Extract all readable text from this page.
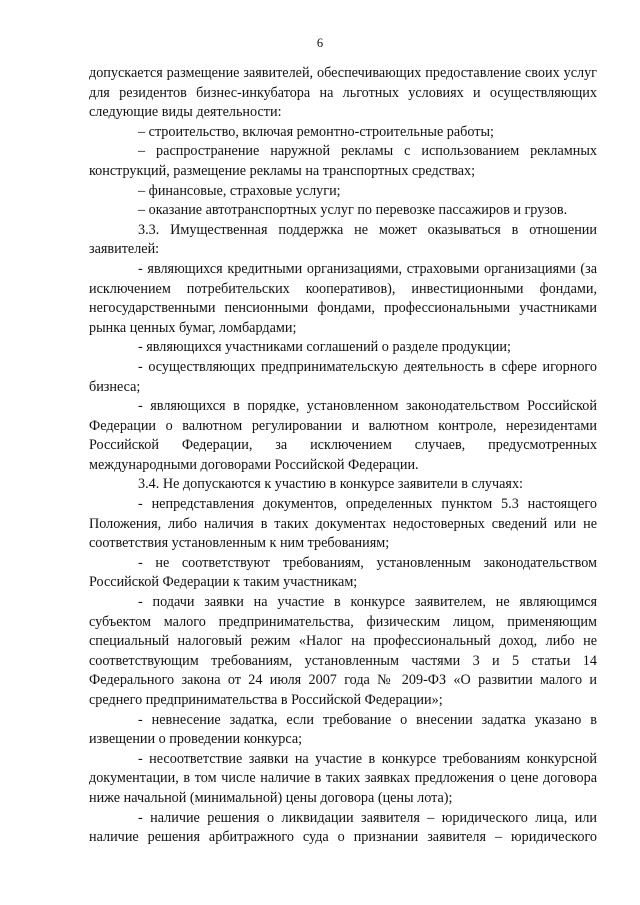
6

допускается размещение заявителей, обеспечивающих предоставление своих услуг для резидентов бизнес-инкубатора на льготных условиях и осуществляющих следующие виды деятельности:

– строительство, включая ремонтно-строительные работы;

– распространение наружной рекламы с использованием рекламных конструкций, размещение рекламы на транспортных средствах;

– финансовые, страховые услуги;

– оказание автотранспортных услуг по перевозке пассажиров и грузов.

3.3. Имущественная поддержка не может оказываться в отношении заявителей:

- являющихся кредитными организациями, страховыми организациями (за исключением потребительских кооперативов), инвестиционными фондами, негосударственными пенсионными фондами, профессиональными участниками рынка ценных бумаг, ломбардами;

- являющихся участниками соглашений о разделе продукции;

- осуществляющих предпринимательскую деятельность в сфере игорного бизнеса;

- являющихся в порядке, установленном законодательством Российской Федерации о валютном регулировании и валютном контроле, нерезидентами Российской Федерации, за исключением случаев, предусмотренных международными договорами Российской Федерации.

3.4. Не допускаются к участию в конкурсе заявители в случаях:

- непредставления документов, определенных пунктом 5.3 настоящего Положения, либо наличия в таких документах недостоверных сведений или не соответствия установленным к ним требованиям;

- не соответствуют требованиям, установленным законодательством Российской Федерации к таким участникам;

- подачи заявки на участие в конкурсе заявителем, не являющимся субъектом малого предпринимательства, физическим лицом, применяющим специальный налоговый режим «Налог на профессиональный доход, либо не соответствующим требованиям, установленным частями 3 и 5 статьи 14 Федерального закона от 24 июля 2007 года № 209-ФЗ «О развитии малого и среднего предпринимательства в Российской Федерации»;

- невнесение задатка, если требование о внесении задатка указано в извещении о проведении конкурса;

- несоответствие заявки на участие в конкурсе требованиям конкурсной документации, в том числе наличие в таких заявках предложения о цене договора ниже начальной (минимальной) цены договора (цены лота);

- наличие решения о ликвидации заявителя – юридического лица, или наличие решения арбитражного суда о признании заявителя – юридического
